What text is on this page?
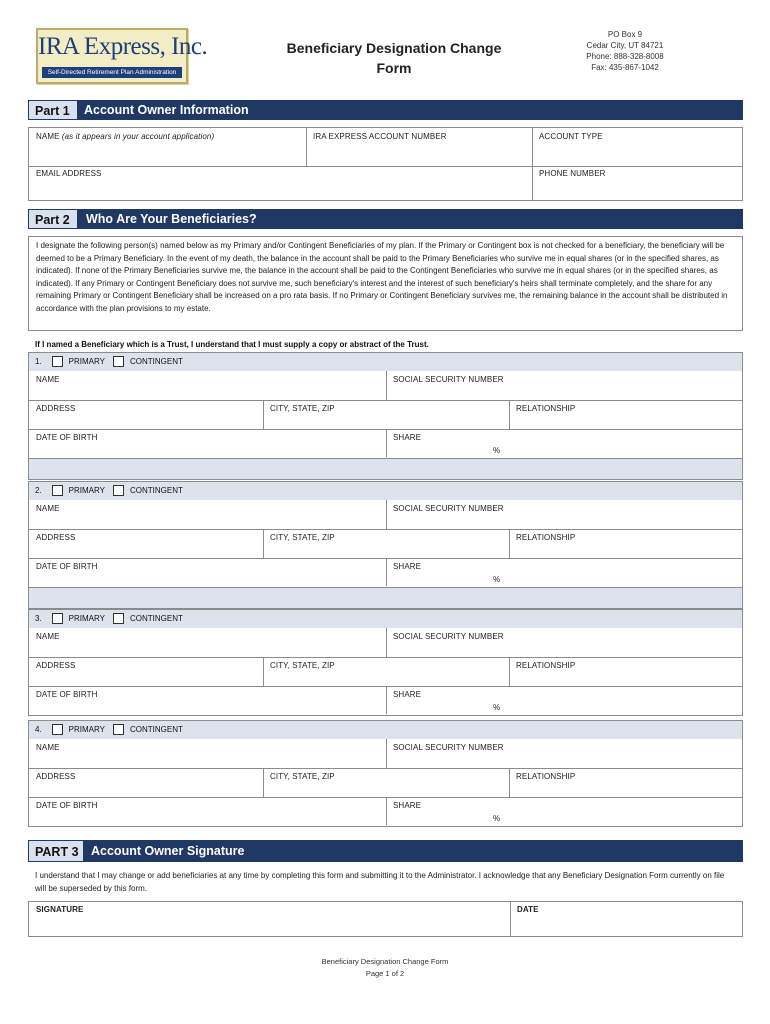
IRA Express, Inc.
Self-Directed Retirement Plan Administration
Beneficiary Designation Change
Form
PO Box 9
Cedar City, UT 84721
Phone: 888-328-8008
Fax: 435-867-1042
Part 1	Account Owner Information
NAME (as it appears in your account application)	IRA EXPRESS ACCOUNT NUMBER	ACCOUNT TYPE
EMAIL ADDRESS	PHONE NUMBER
Part 2	Who Are Your Beneficiaries?
I designate the following person(s) named below as my Primary and/or Contingent Beneficiaries of my plan. If the Primary or Contingent box is not checked for a beneficiary, the beneficiary will be deemed to be a Primary Beneficiary. In the event of my death, the balance in the account shall be paid to the Primary Beneficiaries who survive me in equal shares (or in the specified shares, as indicated). If none of the Primary Beneficiaries survive me, the balance in the account shall be paid to the Contingent Beneficiaries who survive me in equal shares (or in the specified shares, as indicated). If any Primary or Contingent Beneficiary does not survive me, such beneficiary's interest and the interest of such beneficiary's heirs shall terminate completely, and the share for any remaining Primary or Contingent Beneficiary shall be increased on a pro rata basis. If no Primary or Contingent Beneficiary survives me, the remaining balance in the account shall be distributed in accordance with the plan provisions to my estate.
If I named a Beneficiary which is a Trust, I understand that I must supply a copy or abstract of the Trust.
1.	PRIMARY	CONTINGENT
NAME	SOCIAL SECURITY NUMBER
ADDRESS	CITY, STATE, ZIP	RELATIONSHIP
DATE OF BIRTH	SHARE
%
2.	PRIMARY	CONTINGENT
NAME	SOCIAL SECURITY NUMBER
ADDRESS	CITY, STATE, ZIP	RELATIONSHIP
DATE OF BIRTH	SHARE
%
3.	PRIMARY	CONTINGENT
NAME	SOCIAL SECURITY NUMBER
ADDRESS	CITY, STATE, ZIP	RELATIONSHIP
DATE OF BIRTH	SHARE
%
4.	PRIMARY	CONTINGENT
NAME	SOCIAL SECURITY NUMBER
ADDRESS	CITY, STATE, ZIP	RELATIONSHIP
DATE OF BIRTH	SHARE
%
PART 3 Account Owner Signature
I understand that I may change or add beneficiaries at any time by completing this form and submitting it to the Administrator. I acknowledge that any Beneficiary Designation Form currently on file will be superseded by this form.
SIGNATURE	DATE
Beneficiary Designation Change Form
Page 1 of 2
